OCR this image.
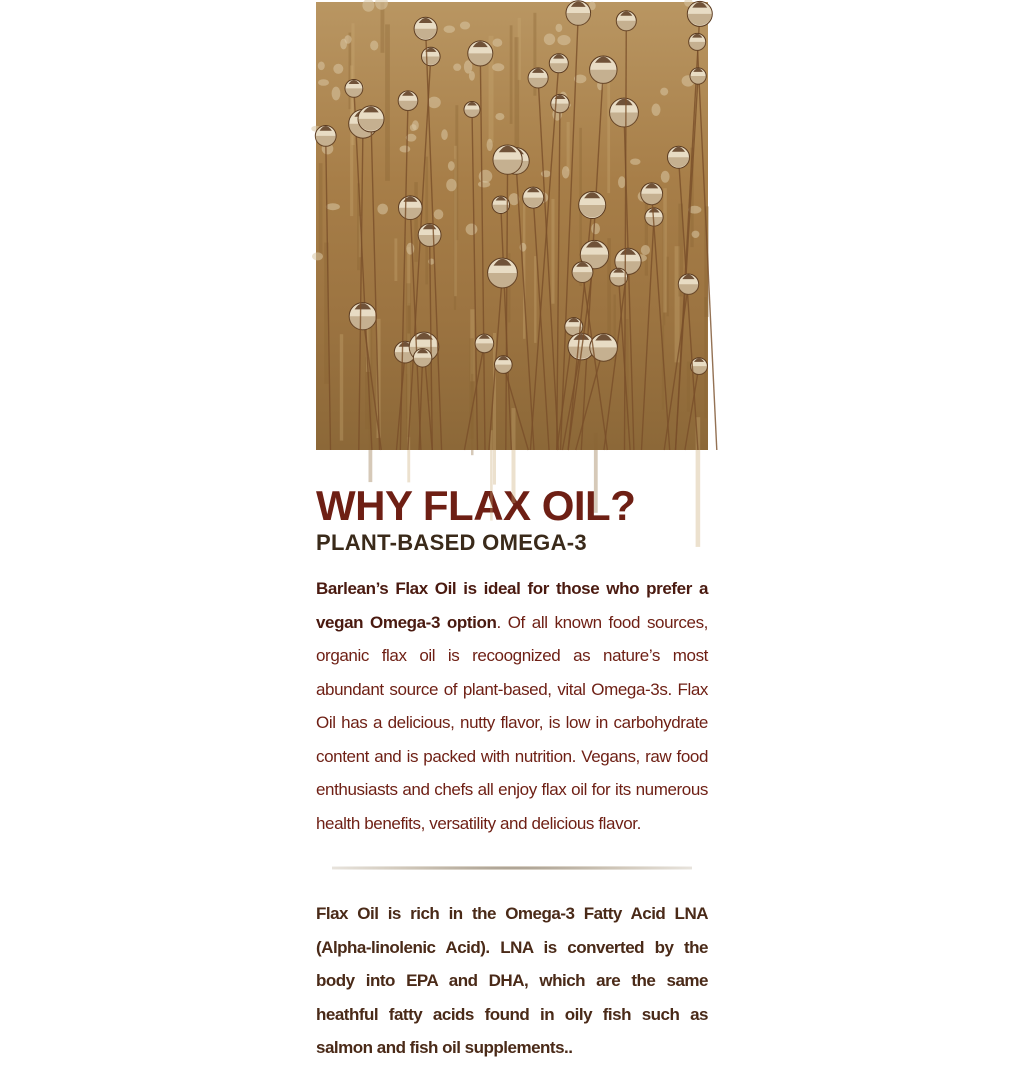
WHY FLAX OIL?
PLANT-BASED OMEGA-3
Barlean’s Flax Oil is ideal for those who prefer a vegan Omega-3 option. Of all known food sources, organic flax oil is recoognized as nature’s most abundant source of plant-based, vital Omega-3s. Flax Oil has a delicious, nutty flavor, is low in carbohydrate content and is packed with nutrition. Vegans, raw food enthusiasts and chefs all enjoy flax oil for its numerous health benefits, versatility and delicious flavor.
Flax Oil is rich in the Omega-3 Fatty Acid LNA (Alpha-linolenic Acid). LNA is converted by the body into EPA and DHA, which are the same heathful fatty acids found in oily fish such as salmon and fish oil supplements..
